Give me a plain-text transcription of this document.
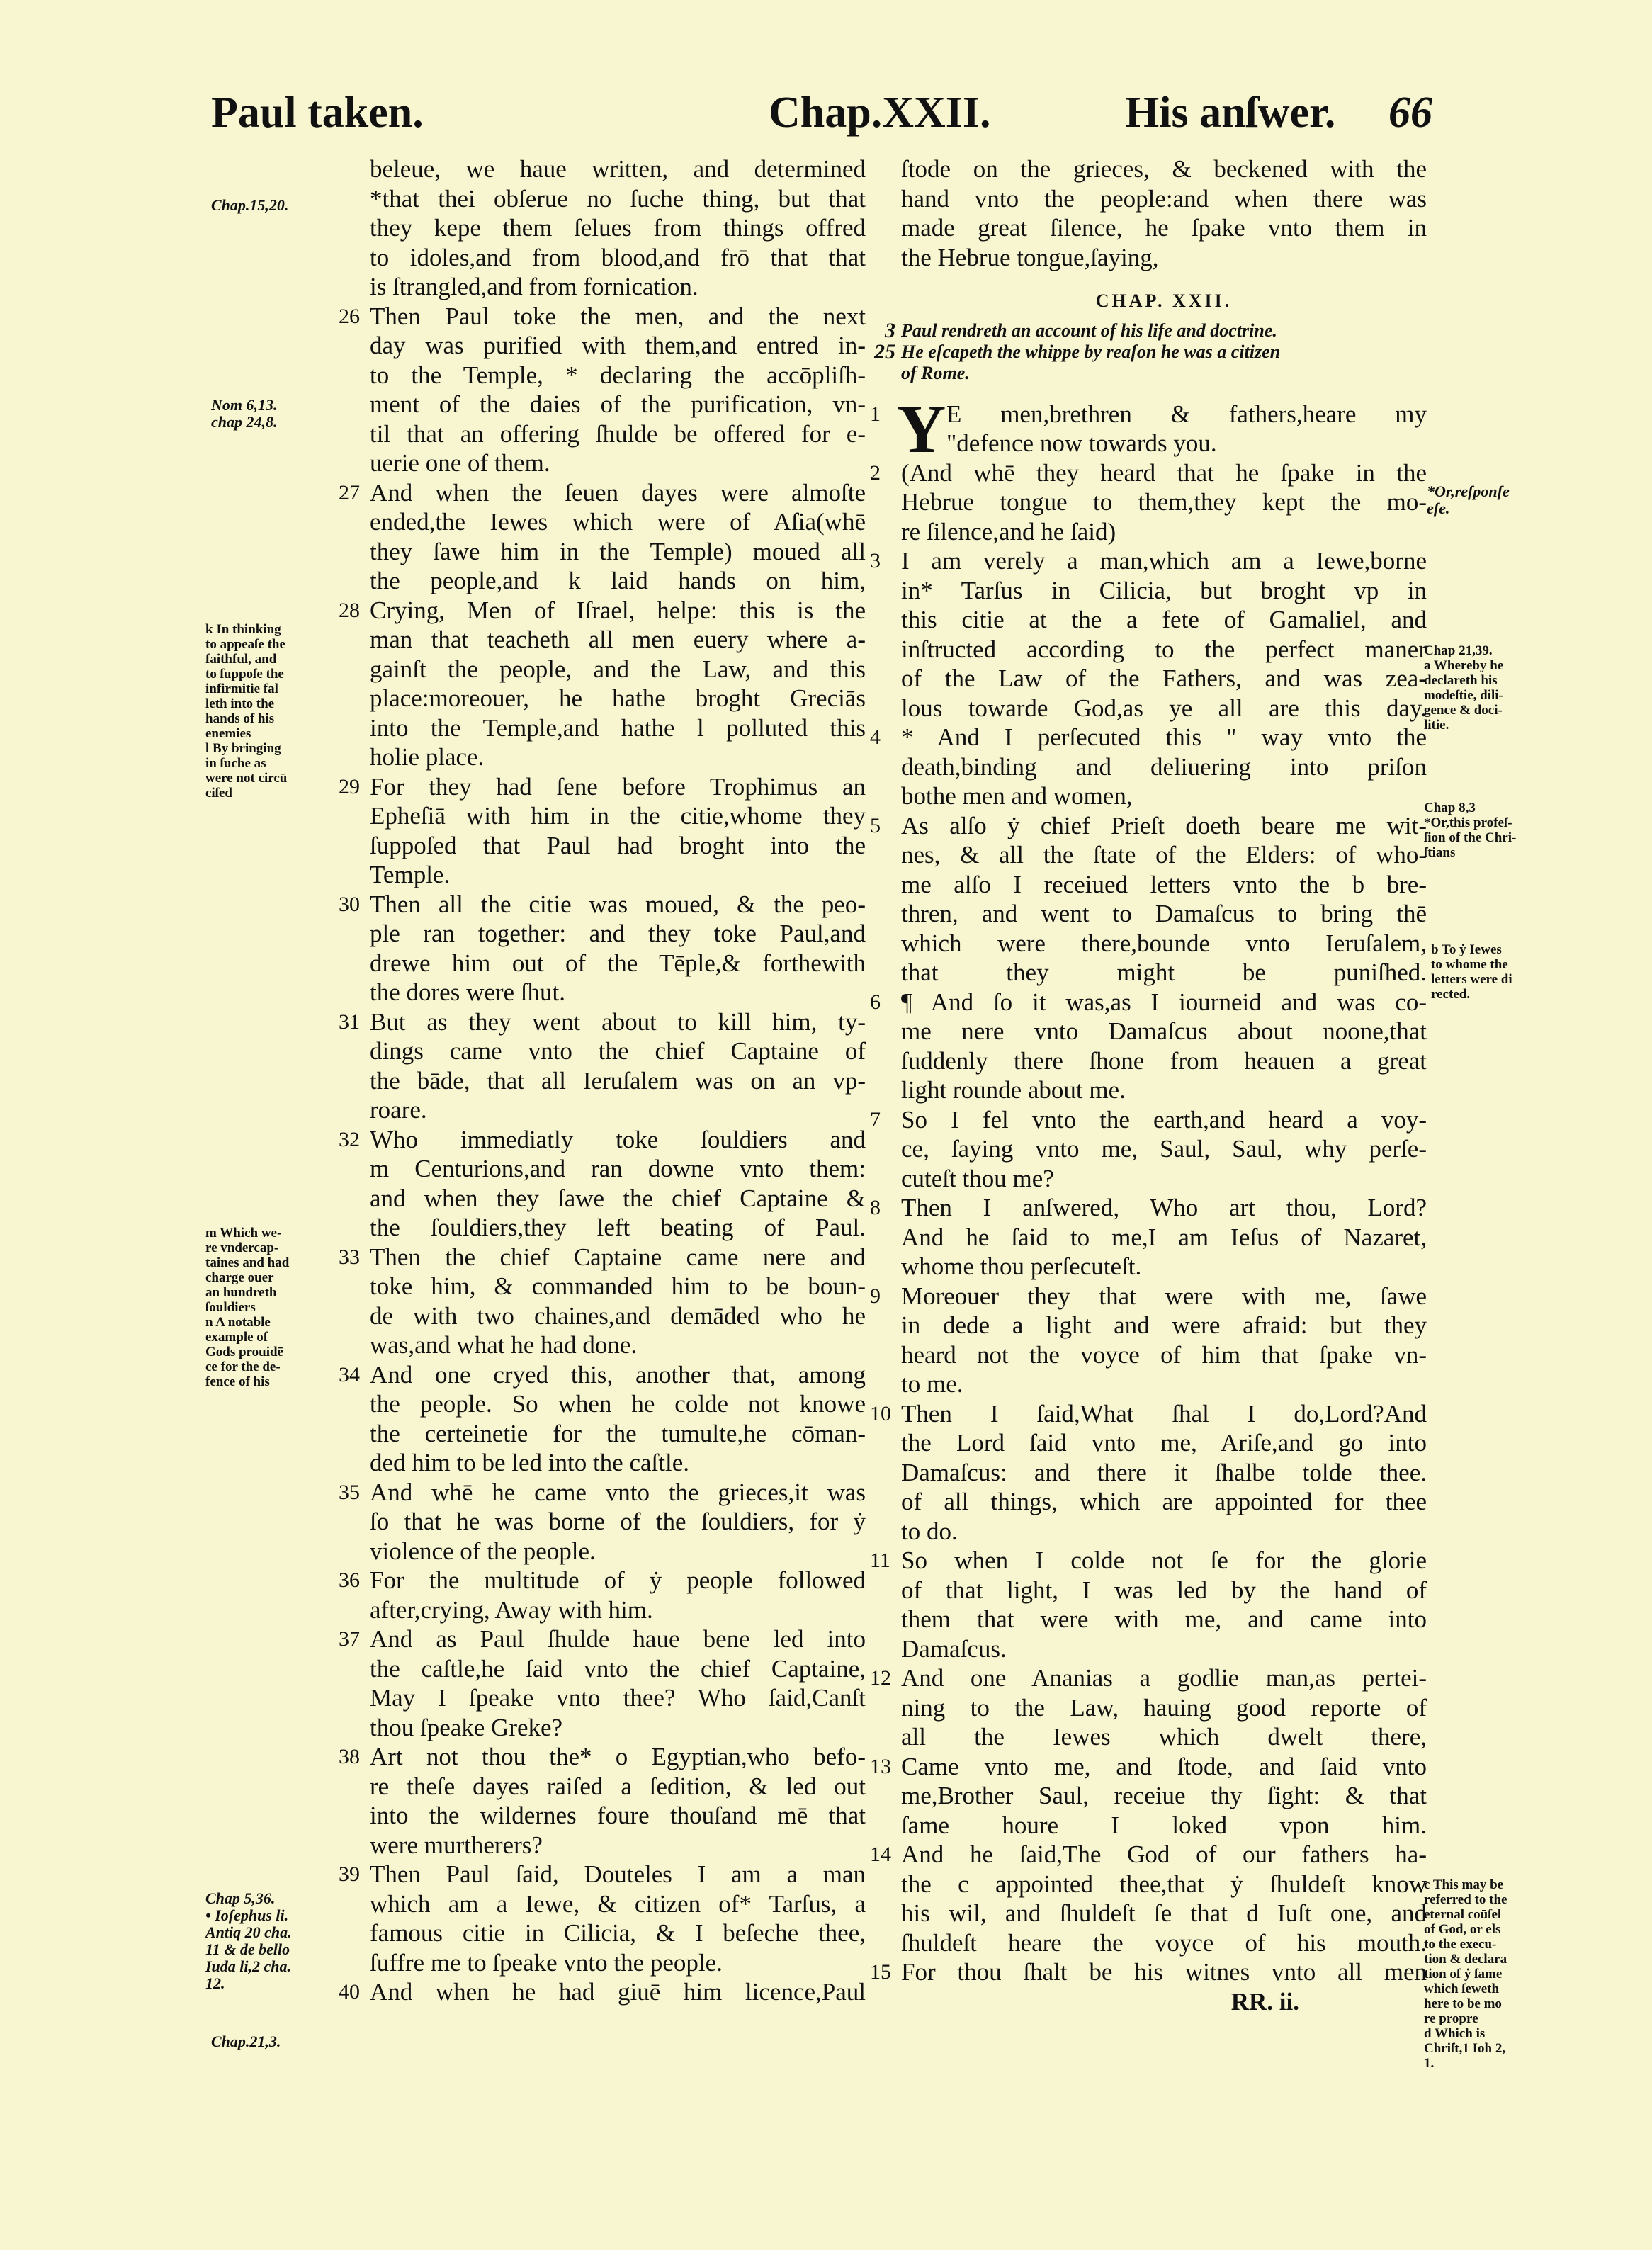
Paul taken.	Chap.XXII.	His anſwer. 66
beleue, we haue written, and determined
*that thei obſerue no ſuche thing, but that
they kepe them ſelues from things offred
to idoles,and from blood,and frō that that
is ſtrangled,and from fornication.
26 Then Paul toke the men, and the next
day was purified with them,and entred in-
to the Temple, * declaring the accōpliſh-
ment of the daies of the purification, vn-
til that an offering ſhulde be offered for e-
uerie one of them.
27 And when the ſeuen dayes were almoſte
ended,the Iewes which were of Aſia(whē
they ſawe him in the Temple) moued all
the people,and k laid hands on him,
28 Crying, Men of Iſrael, helpe: this is the
man that teacheth all men euery where a-
gainſt the people, and the Law, and this
place:moreouer, he hathe broght Greciās
into the Temple,and hathe l polluted this
holie place.
29 For they had ſene before Trophimus an
Epheſiā with him in the citie,whome they
ſuppoſed that Paul had broght into the
Temple.
30 Then all the citie was moued, & the peo-
ple ran together: and they toke Paul,and
drewe him out of the Tēple,& forthewith
the dores were ſhut.
31 But as they went about to kill him, ty-
dings came vnto the chief Captaine of
the bāde, that all Ieruſalem was on an vp-
roare.
32 Who immediatly toke ſouldiers and
m Centurions,and ran downe vnto them:
and when they ſawe the chief Captaine &
the ſouldiers,they left beating of Paul.
33 Then the chief Captaine came nere and
toke him, & commanded him to be boun-
de with two chaines,and demāded who he
was,and what he had done.
34 And one cryed this, another that, among
the people. So when he colde not knowe
the certeinetie for the tumulte,he cōman-
ded him to be led into the caſtle.
35 And whē he came vnto the grieces,it was
ſo that he was borne of the ſouldiers, for ẏ
violence of the people.
36 For the multitude of ẏ people followed
after,crying, Away with him.
37 And as Paul ſhulde haue bene led into
the caſtle,he ſaid vnto the chief Captaine,
May I ſpeake vnto thee? Who ſaid,Canſt
thou ſpeake Greke?
38 Art not thou the* o Egyptian,who befo-
re theſe dayes raiſed a ſedition, & led out
into the wildernes foure thouſand mē that
were murtherers?
39 Then Paul ſaid, Douteles I am a man
which am a Iewe, & citizen of* Tarſus, a
famous citie in Cilicia, & I beſeche thee,
ſuffre me to ſpeake vnto the people.
40 And when he had giuē him licence,Paul
ſtode on the grieces, & beckened with the
hand vnto the people:and when there was
made great ſilence, he ſpake vnto them in
the Hebrue tongue,ſaying,
CHAP. XXII.
3 Paul rendreth an account of his life and doctrine.
25 He eſcapeth the whippe by reaſon he was a citizen
of Rome.
1	E men,brethren & fathers,heare my
Y "defence now towards you.
2 (And whē they heard that he ſpake in the
Hebrue tongue to them,they kept the mo-
re ſilence,and he ſaid)
3 I am verely a man,which am a Iewe,borne
in* Tarſus in Cilicia, but broght vp in
this citie at the a fete of Gamaliel, and
inſtructed according to the perfect maner
of the Law of the Fathers, and was zea-
lous towarde God,as ye all are this day.
4 * And I perſecuted this " way vnto the
death,binding and deliuering into priſon
bothe men and women,
5 As alſo ẏ chief Prieſt doeth beare me wit-
nes, & all the ſtate of the Elders: of who-
me alſo I receiued letters vnto the b bre-
thren, and went to Damaſcus to bring thē
which were there,bounde vnto Ieruſalem,
that they might be puniſhed.
6 ¶ And ſo it was,as I iourneid and was co-
me nere vnto Damaſcus about noone,that
ſuddenly there ſhone from heauen a great
light rounde about me.
7 So I fel vnto the earth,and heard a voy-
ce, ſaying vnto me, Saul, Saul, why perſe-
cuteſt thou me?
8 Then I anſwered, Who art thou, Lord?
And he ſaid to me,I am Ieſus of Nazaret,
whome thou perſecuteſt.
9 Moreouer they that were with me, ſawe
in dede a light and were afraid: but they
heard not the voyce of him that ſpake vn-
to me.
10 Then I ſaid,What ſhal I do,Lord?And
the Lord ſaid vnto me, Ariſe,and go into
Damaſcus: and there it ſhalbe tolde thee.
of all things, which are appointed for thee
to do.
11 So when I colde not ſe for the glorie
of that light, I was led by the hand of
them that were with me, and came into
Damaſcus.
12 And one Ananias a godlie man,as pertei-
ning to the Law, hauing good reporte of
all the Iewes which dwelt there,
13 Came vnto me, and ſtode, and ſaid vnto
me,Brother Saul, receiue thy ſight: & that
ſame houre I loked vpon him.
14 And he ſaid,The God of our fathers ha-
the c appointed thee,that ẏ ſhuldeſt know
his wil, and ſhuldeſt ſe that d Iuſt one, and
ſhuldeſt heare the voyce of his mouth.
15 For thou ſhalt be his witnes vnto all men
RR. ii.
Chap.15,20.
Nom 6,13.
chap 24,8.
k In thinking
to appeaſe the
faithful, and
to ſuppoſe the
infirmitie fal
leth into the
hands of his
enemies
l By bringing
in ſuche as
were not circū
ciſed
m Which we-
re vndercap-
taines and had
charge ouer
an hundreth
ſouldiers
n A notable
example of
Gods prouidē
ce for the de-
fence of his
Chap 5,36.
• Ioſephus li.
Antiq 20 cha.
11 & de bello
Iuda li,2 cha.
12.
Chap.21,3.
*Or,reſponſe
eſe.
Chap 21,39.
a Whereby he
declareth his
modeſtie, dili-
gence & doci-
litie.
Chap 8,3
*Or,this profeſ-
ſion of the Chri-
ſtians
b To ẏ Iewes
to whome the
letters were di
rected.
c This may be
referred to the
eternal coūſel
of God, or els
to the execu-
tion & declara
tion of ẏ ſame
which ſeweth
here to be mo
re propre
d Which is
Chriſt,1 Ioh 2,
1.
